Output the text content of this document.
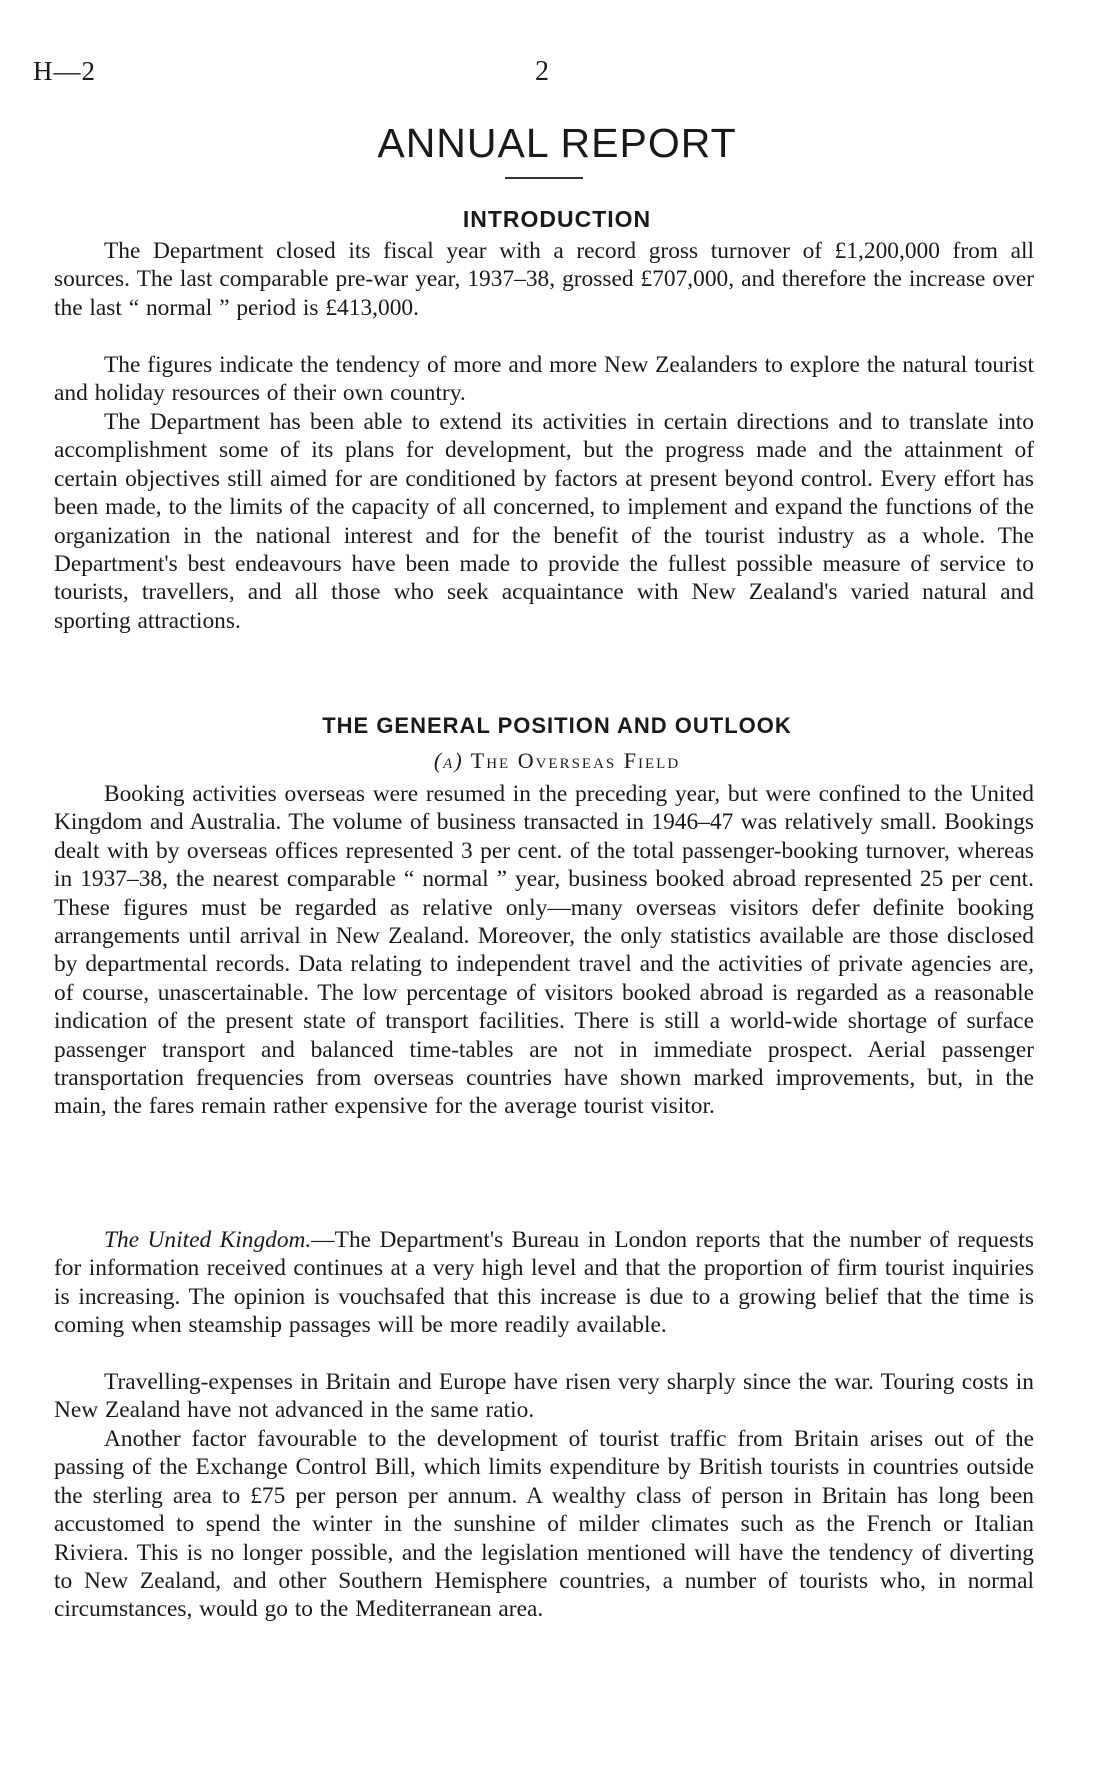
H—2	2
ANNUAL REPORT
INTRODUCTION

The Department closed its fiscal year with a record gross turnover of £1,200,000 from all sources. The last comparable pre-war year, 1937–38, grossed £707,000, and therefore the increase over the last “ normal ” period is £413,000.

The figures indicate the tendency of more and more New Zealanders to explore the natural tourist and holiday resources of their own country.

The Department has been able to extend its activities in certain directions and to translate into accomplishment some of its plans for development, but the progress made and the attainment of certain objectives still aimed for are conditioned by factors at present beyond control. Every effort has been made, to the limits of the capacity of all concerned, to implement and expand the functions of the organization in the national interest and for the benefit of the tourist industry as a whole. The Department's best endeavours have been made to provide the fullest possible measure of service to tourists, travellers, and all those who seek acquaintance with New Zealand's varied natural and sporting attractions.

THE GENERAL POSITION AND OUTLOOK
(a) The Overseas Field

Booking activities overseas were resumed in the preceding year, but were confined to the United Kingdom and Australia. The volume of business transacted in 1946–47 was relatively small. Bookings dealt with by overseas offices represented 3 per cent. of the total passenger-booking turnover, whereas in 1937–38, the nearest comparable “ normal ” year, business booked abroad represented 25 per cent. These figures must be regarded as relative only—many overseas visitors defer definite booking arrangements until arrival in New Zealand. Moreover, the only statistics available are those disclosed by departmental records. Data relating to independent travel and the activities of private agencies are, of course, unascertainable. The low percentage of visitors booked abroad is regarded as a reasonable indication of the present state of transport facilities. There is still a world-wide shortage of surface passenger transport and balanced time-tables are not in immediate prospect. Aerial passenger transportation frequencies from overseas countries have shown marked improvements, but, in the main, the fares remain rather expensive for the average tourist visitor.

The United Kingdom.—The Department's Bureau in London reports that the number of requests for information received continues at a very high level and that the proportion of firm tourist inquiries is increasing. The opinion is vouchsafed that this increase is due to a growing belief that the time is coming when steamship passages will be more readily available.

Travelling-expenses in Britain and Europe have risen very sharply since the war. Touring costs in New Zealand have not advanced in the same ratio.

Another factor favourable to the development of tourist traffic from Britain arises out of the passing of the Exchange Control Bill, which limits expenditure by British tourists in countries outside the sterling area to £75 per person per annum. A wealthy class of person in Britain has long been accustomed to spend the winter in the sunshine of milder climates such as the French or Italian Riviera. This is no longer possible, and the legislation mentioned will have the tendency of diverting to New Zealand, and other Southern Hemisphere countries, a number of tourists who, in normal circumstances, would go to the Mediterranean area.
